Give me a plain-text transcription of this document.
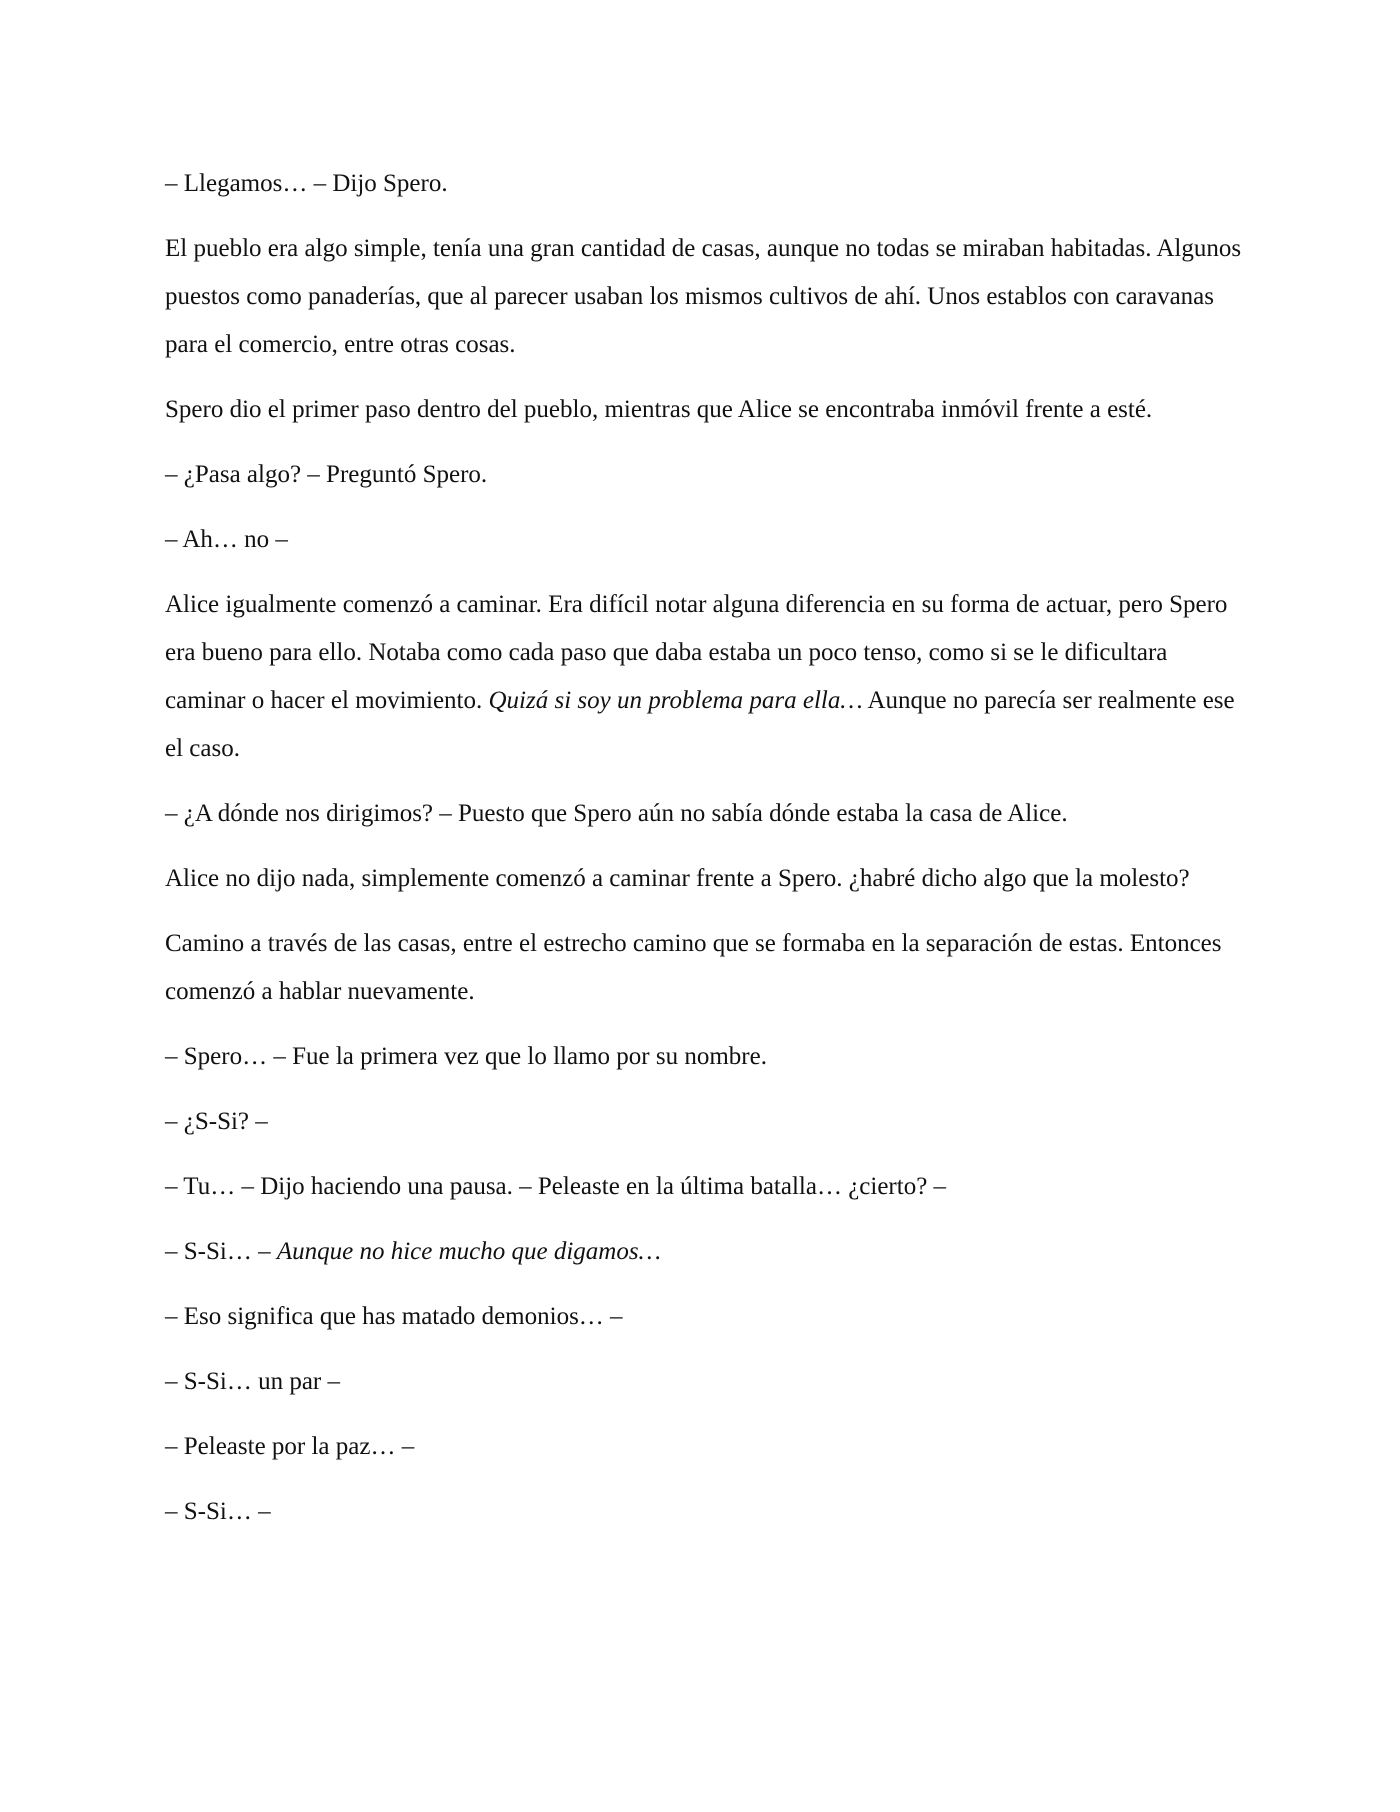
– Llegamos… – Dijo Spero.

El pueblo era algo simple, tenía una gran cantidad de casas, aunque no todas se miraban habitadas. Algunos puestos como panaderías, que al parecer usaban los mismos cultivos de ahí. Unos establos con caravanas para el comercio, entre otras cosas.

Spero dio el primer paso dentro del pueblo, mientras que Alice se encontraba inmóvil frente a esté.

– ¿Pasa algo? – Preguntó Spero.

– Ah… no –

Alice igualmente comenzó a caminar. Era difícil notar alguna diferencia en su forma de actuar, pero Spero era bueno para ello. Notaba como cada paso que daba estaba un poco tenso, como si se le dificultara caminar o hacer el movimiento. Quizá si soy un problema para ella… Aunque no parecía ser realmente ese el caso.

– ¿A dónde nos dirigimos? – Puesto que Spero aún no sabía dónde estaba la casa de Alice.

Alice no dijo nada, simplemente comenzó a caminar frente a Spero. ¿habré dicho algo que la molesto?

Camino a través de las casas, entre el estrecho camino que se formaba en la separación de estas. Entonces comenzó a hablar nuevamente.

– Spero… – Fue la primera vez que lo llamo por su nombre.

– ¿S-Si? –

– Tu… – Dijo haciendo una pausa. – Peleaste en la última batalla… ¿cierto? –

– S-Si… – Aunque no hice mucho que digamos…

– Eso significa que has matado demonios… –

– S-Si… un par –

– Peleaste por la paz… –

– S-Si… –
